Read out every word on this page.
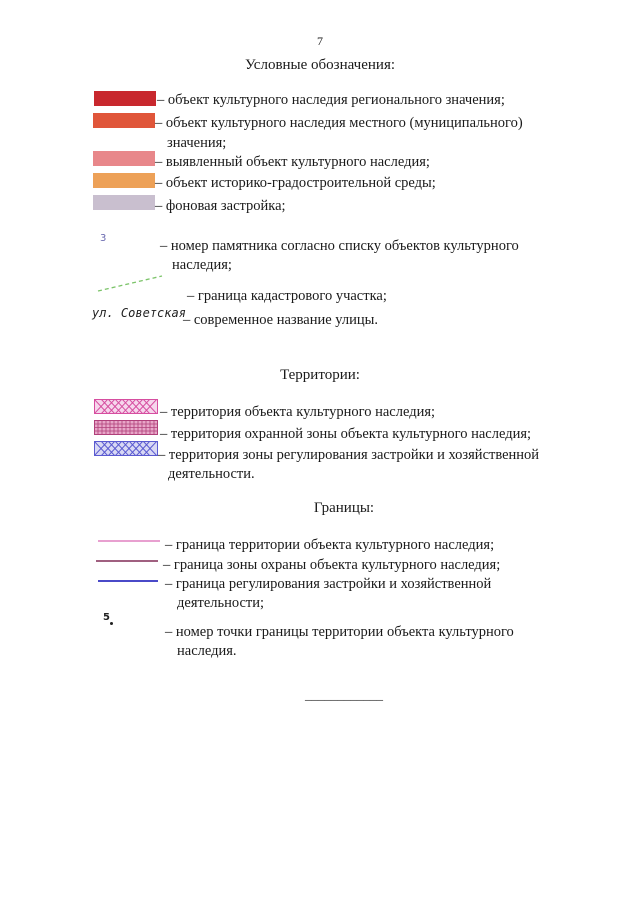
7
Условные обозначения:
– объект культурного наследия регионального значения;
– объект культурного наследия местного (муниципального)
значения;
– выявленный объект культурного наследия;
– объект историко-градостроительной среды;
– фоновая застройка;
3	– номер памятника согласно списку объектов культурного
наследия;
– граница кадастрового участка;
ул. Советская
– современное название улицы.
Территории:
– территория объекта культурного наследия;
– территория охранной зоны объекта культурного наследия;
– территория зоны регулирования застройки и хозяйственной
деятельности.
Границы:
– граница территории объекта культурного наследия;
– граница зоны охраны объекта культурного наследия;
– граница регулирования застройки и хозяйственной
деятельности;
5
– номер точки границы территории объекта культурного
наследия.
____________
